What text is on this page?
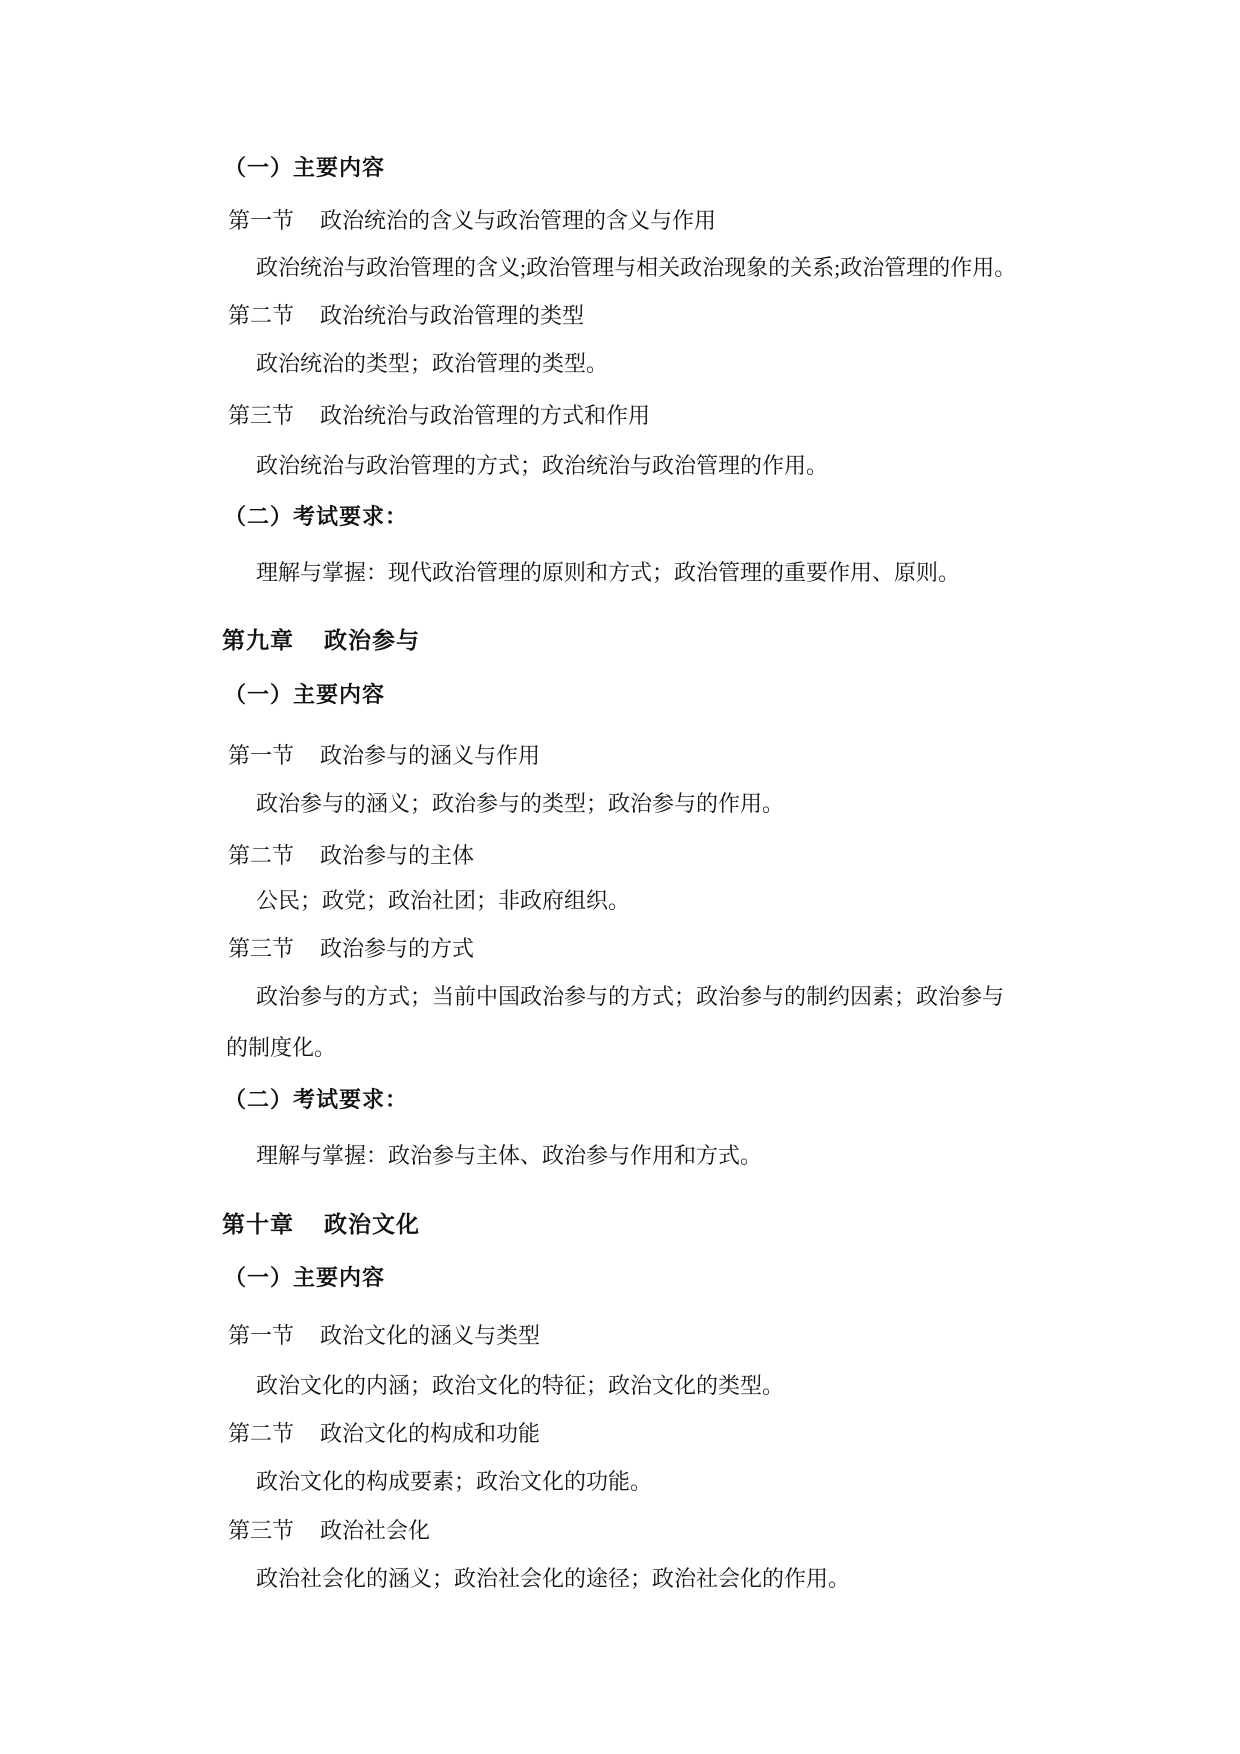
（一）主要内容
第一节 政治统治的含义与政治管理的含义与作用
政治统治与政治管理的含义;政治管理与相关政治现象的关系;政治管理的作用。
第二节 政治统治与政治管理的类型
政治统治的类型；政治管理的类型。
第三节 政治统治与政治管理的方式和作用
政治统治与政治管理的方式；政治统治与政治管理的作用。
（二）考试要求：
理解与掌握：现代政治管理的原则和方式；政治管理的重要作用、原则。
第九章 政治参与
（一）主要内容
第一节 政治参与的涵义与作用
政治参与的涵义；政治参与的类型；政治参与的作用。
第二节 政治参与的主体
公民；政党；政治社团；非政府组织。
第三节 政治参与的方式
政治参与的方式；当前中国政治参与的方式；政治参与的制约因素；政治参与的制度化。
（二）考试要求：
理解与掌握：政治参与主体、政治参与作用和方式。
第十章 政治文化
（一）主要内容
第一节 政治文化的涵义与类型
政治文化的内涵；政治文化的特征；政治文化的类型。
第二节 政治文化的构成和功能
政治文化的构成要素；政治文化的功能。
第三节 政治社会化
政治社会化的涵义；政治社会化的途径；政治社会化的作用。
